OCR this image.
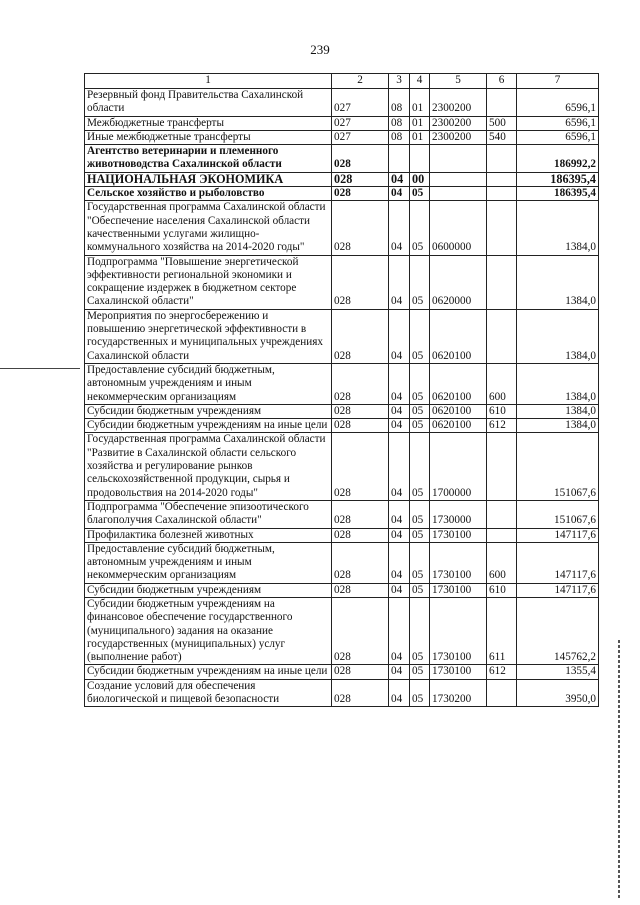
239
1	2	3	4	5	6	7
Резервный фонд Правительства Сахалинской области	027	08	01	2300200		6596,1
Межбюджетные трансферты	027	08	01	2300200	500	6596,1
Иные межбюджетные трансферты	027	08	01	2300200	540	6596,1
Агентство ветеринарии и племенного животноводства Сахалинской области	028					186992,2
НАЦИОНАЛЬНАЯ ЭКОНОМИКА	028	04	00			186395,4
Сельское хозяйство и рыболовство	028	04	05			186395,4
Государственная программа Сахалинской области "Обеспечение населения Сахалинской области качественными услугами жилищно-коммунального хозяйства на 2014-2020 годы"	028	04	05	0600000		1384,0
Подпрограмма "Повышение энергетической эффективности региональной экономики и сокращение издержек в бюджетном секторе Сахалинской области"	028	04	05	0620000		1384,0
Мероприятия по энергосбережению и повышению энергетической эффективности в государственных и муниципальных учреждениях Сахалинской области	028	04	05	0620100		1384,0
Предоставление субсидий бюджетным, автономным учреждениям и иным некоммерческим организациям	028	04	05	0620100	600	1384,0
Субсидии бюджетным учреждениям	028	04	05	0620100	610	1384,0
Субсидии бюджетным учреждениям на иные цели	028	04	05	0620100	612	1384,0
Государственная программа Сахалинской области "Развитие в Сахалинской области сельского хозяйства и регулирование рынков сельскохозяйственной продукции, сырья и продовольствия на 2014-2020 годы"	028	04	05	1700000		151067,6
Подпрограмма "Обеспечение эпизоотического благополучия Сахалинской области"	028	04	05	1730000		151067,6
Профилактика болезней животных	028	04	05	1730100		147117,6
Предоставление субсидий бюджетным, автономным учреждениям и иным некоммерческим организациям	028	04	05	1730100	600	147117,6
Субсидии бюджетным учреждениям	028	04	05	1730100	610	147117,6
Субсидии бюджетным учреждениям на финансовое обеспечение государственного (муниципального) задания на оказание государственных (муниципальных) услуг (выполнение работ)	028	04	05	1730100	611	145762,2
Субсидии бюджетным учреждениям на иные цели	028	04	05	1730100	612	1355,4
Создание условий для обеспечения биологической и пищевой безопасности	028	04	05	1730200		3950,0
